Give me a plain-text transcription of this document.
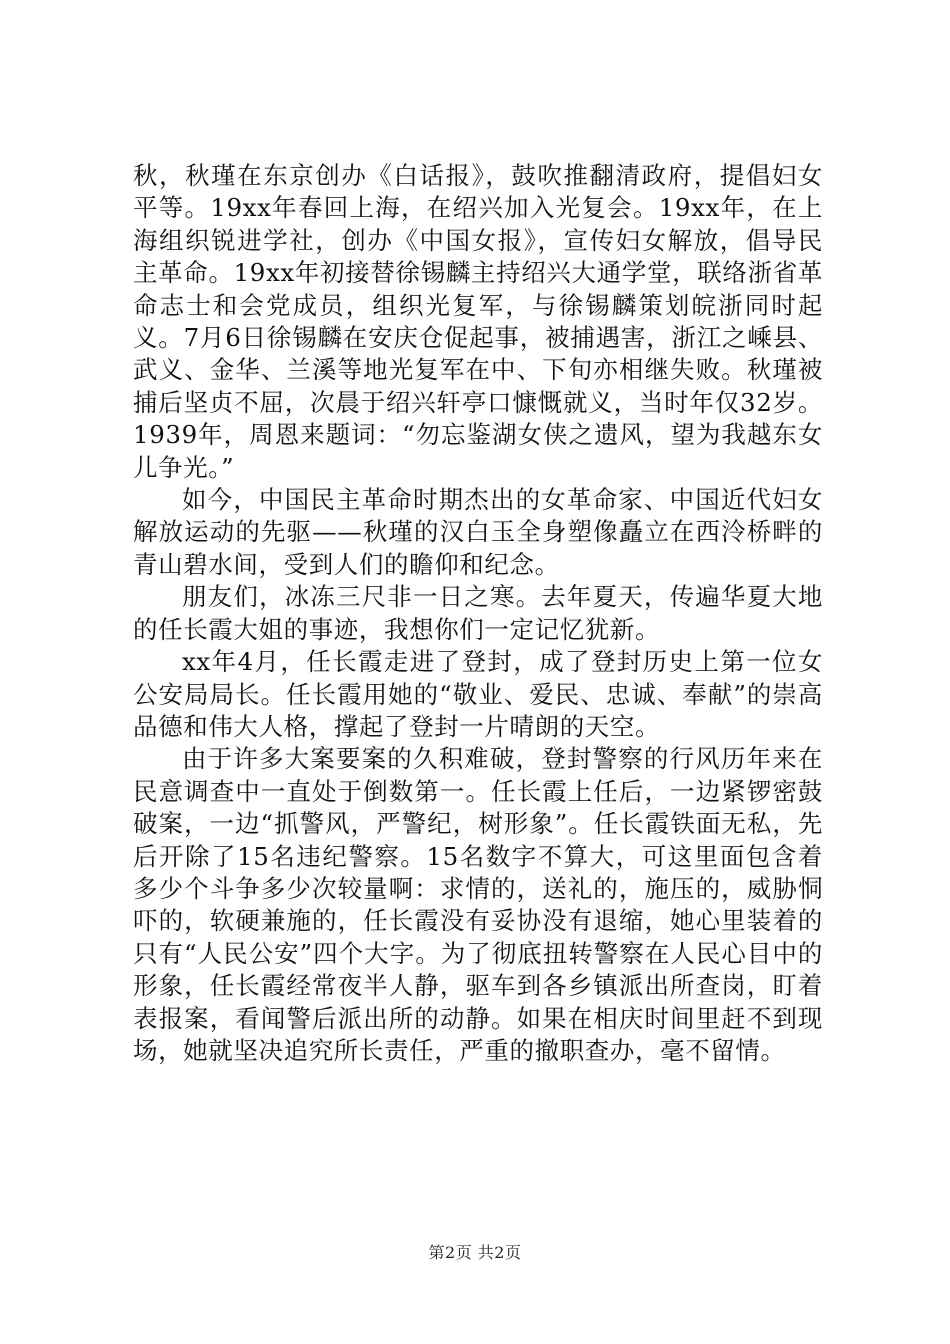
秋，秋瑾在东京创办《白话报》，鼓吹推翻清政府，提倡妇女平等。19xx年春回上海，在绍兴加入光复会。19xx年，在上海组织锐进学社，创办《中国女报》，宣传妇女解放，倡导民主革命。19xx年初接替徐锡麟主持绍兴大通学堂，联络浙省革命志士和会党成员，组织光复军，与徐锡麟策划皖浙同时起义。7月6日徐锡麟在安庆仓促起事，被捕遇害，浙江之嵊县、武义、金华、兰溪等地光复军在中、下旬亦相继失败。秋瑾被捕后坚贞不屈，次晨于绍兴轩亭口慷慨就义，当时年仅32岁。1939年，周恩来题词：“勿忘鉴湖女侠之遗风，望为我越东女儿争光。”

如今，中国民主革命时期杰出的女革命家、中国近代妇女解放运动的先驱——秋瑾的汉白玉全身塑像矗立在西泠桥畔的青山碧水间，受到人们的瞻仰和纪念。

朋友们，冰冻三尺非一日之寒。去年夏天，传遍华夏大地的任长霞大姐的事迹，我想你们一定记忆犹新。

xx年4月，任长霞走进了登封，成了登封历史上第一位女公安局局长。任长霞用她的“敬业、爱民、忠诚、奉献”的崇高品德和伟大人格，撑起了登封一片晴朗的天空。

由于许多大案要案的久积难破，登封警察的行风历年来在民意调查中一直处于倒数第一。任长霞上任后，一边紧锣密鼓破案，一边“抓警风，严警纪，树形象”。任长霞铁面无私，先后开除了15名违纪警察。15名数字不算大，可这里面包含着多少个斗争多少次较量啊：求情的，送礼的，施压的，威胁恫吓的，软硬兼施的，任长霞没有妥协没有退缩，她心里装着的只有“人民公安”四个大字。为了彻底扭转警察在人民心目中的形象，任长霞经常夜半人静，驱车到各乡镇派出所查岗，盯着表报案，看闻警后派出所的动静。如果在相庆时间里赶不到现场，她就坚决追究所长责任，严重的撤职查办，毫不留情。

第2页 共2页
